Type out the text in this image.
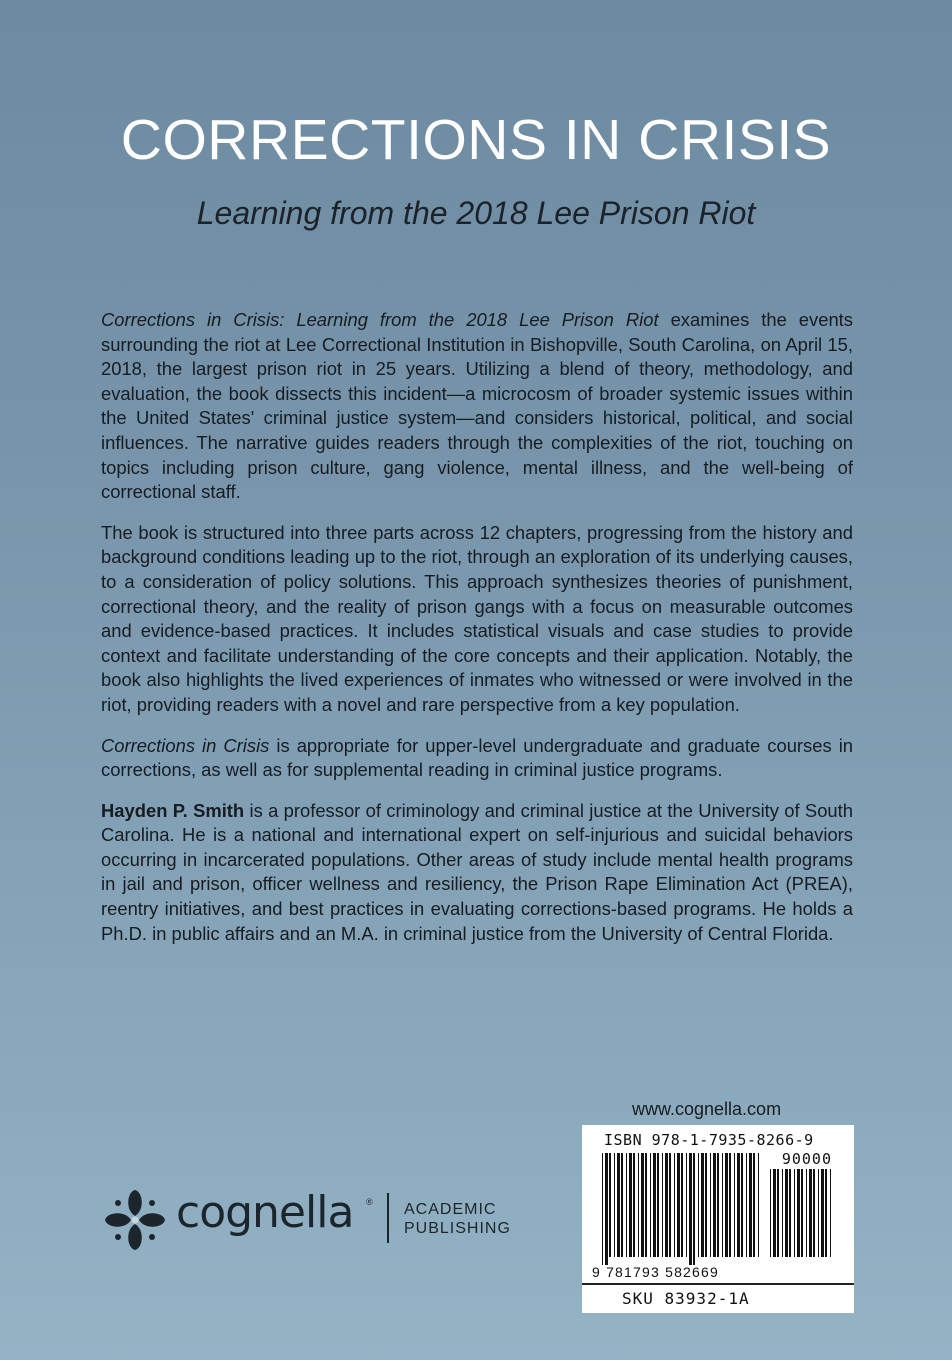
CORRECTIONS IN CRISIS
Learning from the 2018 Lee Prison Riot

Corrections in Crisis: Learning from the 2018 Lee Prison Riot examines the events surrounding the riot at Lee Correctional Institution in Bishopville, South Carolina, on April 15, 2018, the largest prison riot in 25 years. Utilizing a blend of theory, methodology, and evaluation, the book dissects this incident—a microcosm of broader systemic issues within the United States' criminal justice system—and considers historical, political, and social influences. The narrative guides readers through the complexities of the riot, touching on topics including prison culture, gang violence, mental illness, and the well-being of correctional staff.

The book is structured into three parts across 12 chapters, progressing from the history and background conditions leading up to the riot, through an exploration of its underlying causes, to a consideration of policy solutions. This approach synthesizes theories of punishment, correctional theory, and the reality of prison gangs with a focus on measurable outcomes and evidence-based practices. It includes statistical visuals and case studies to provide context and facilitate understanding of the core concepts and their application. Notably, the book also highlights the lived experiences of inmates who witnessed or were involved in the riot, providing readers with a novel and rare perspective from a key population.

Corrections in Crisis is appropriate for upper-level undergraduate and graduate courses in corrections, as well as for supplemental reading in criminal justice programs.

Hayden P. Smith is a professor of criminology and criminal justice at the University of South Carolina. He is a national and international expert on self-injurious and suicidal behaviors occurring in incarcerated populations. Other areas of study include mental health programs in jail and prison, officer wellness and resiliency, the Prison Rape Elimination Act (PREA), reentry initiatives, and best practices in evaluating corrections-based programs. He holds a Ph.D. in public affairs and an M.A. in criminal justice from the University of Central Florida.

www.cognella.com
ISBN 978-1-7935-8266-9
90000
9 781793 582669
SKU 83932-1A
cognella ® ACADEMIC
PUBLISHING
